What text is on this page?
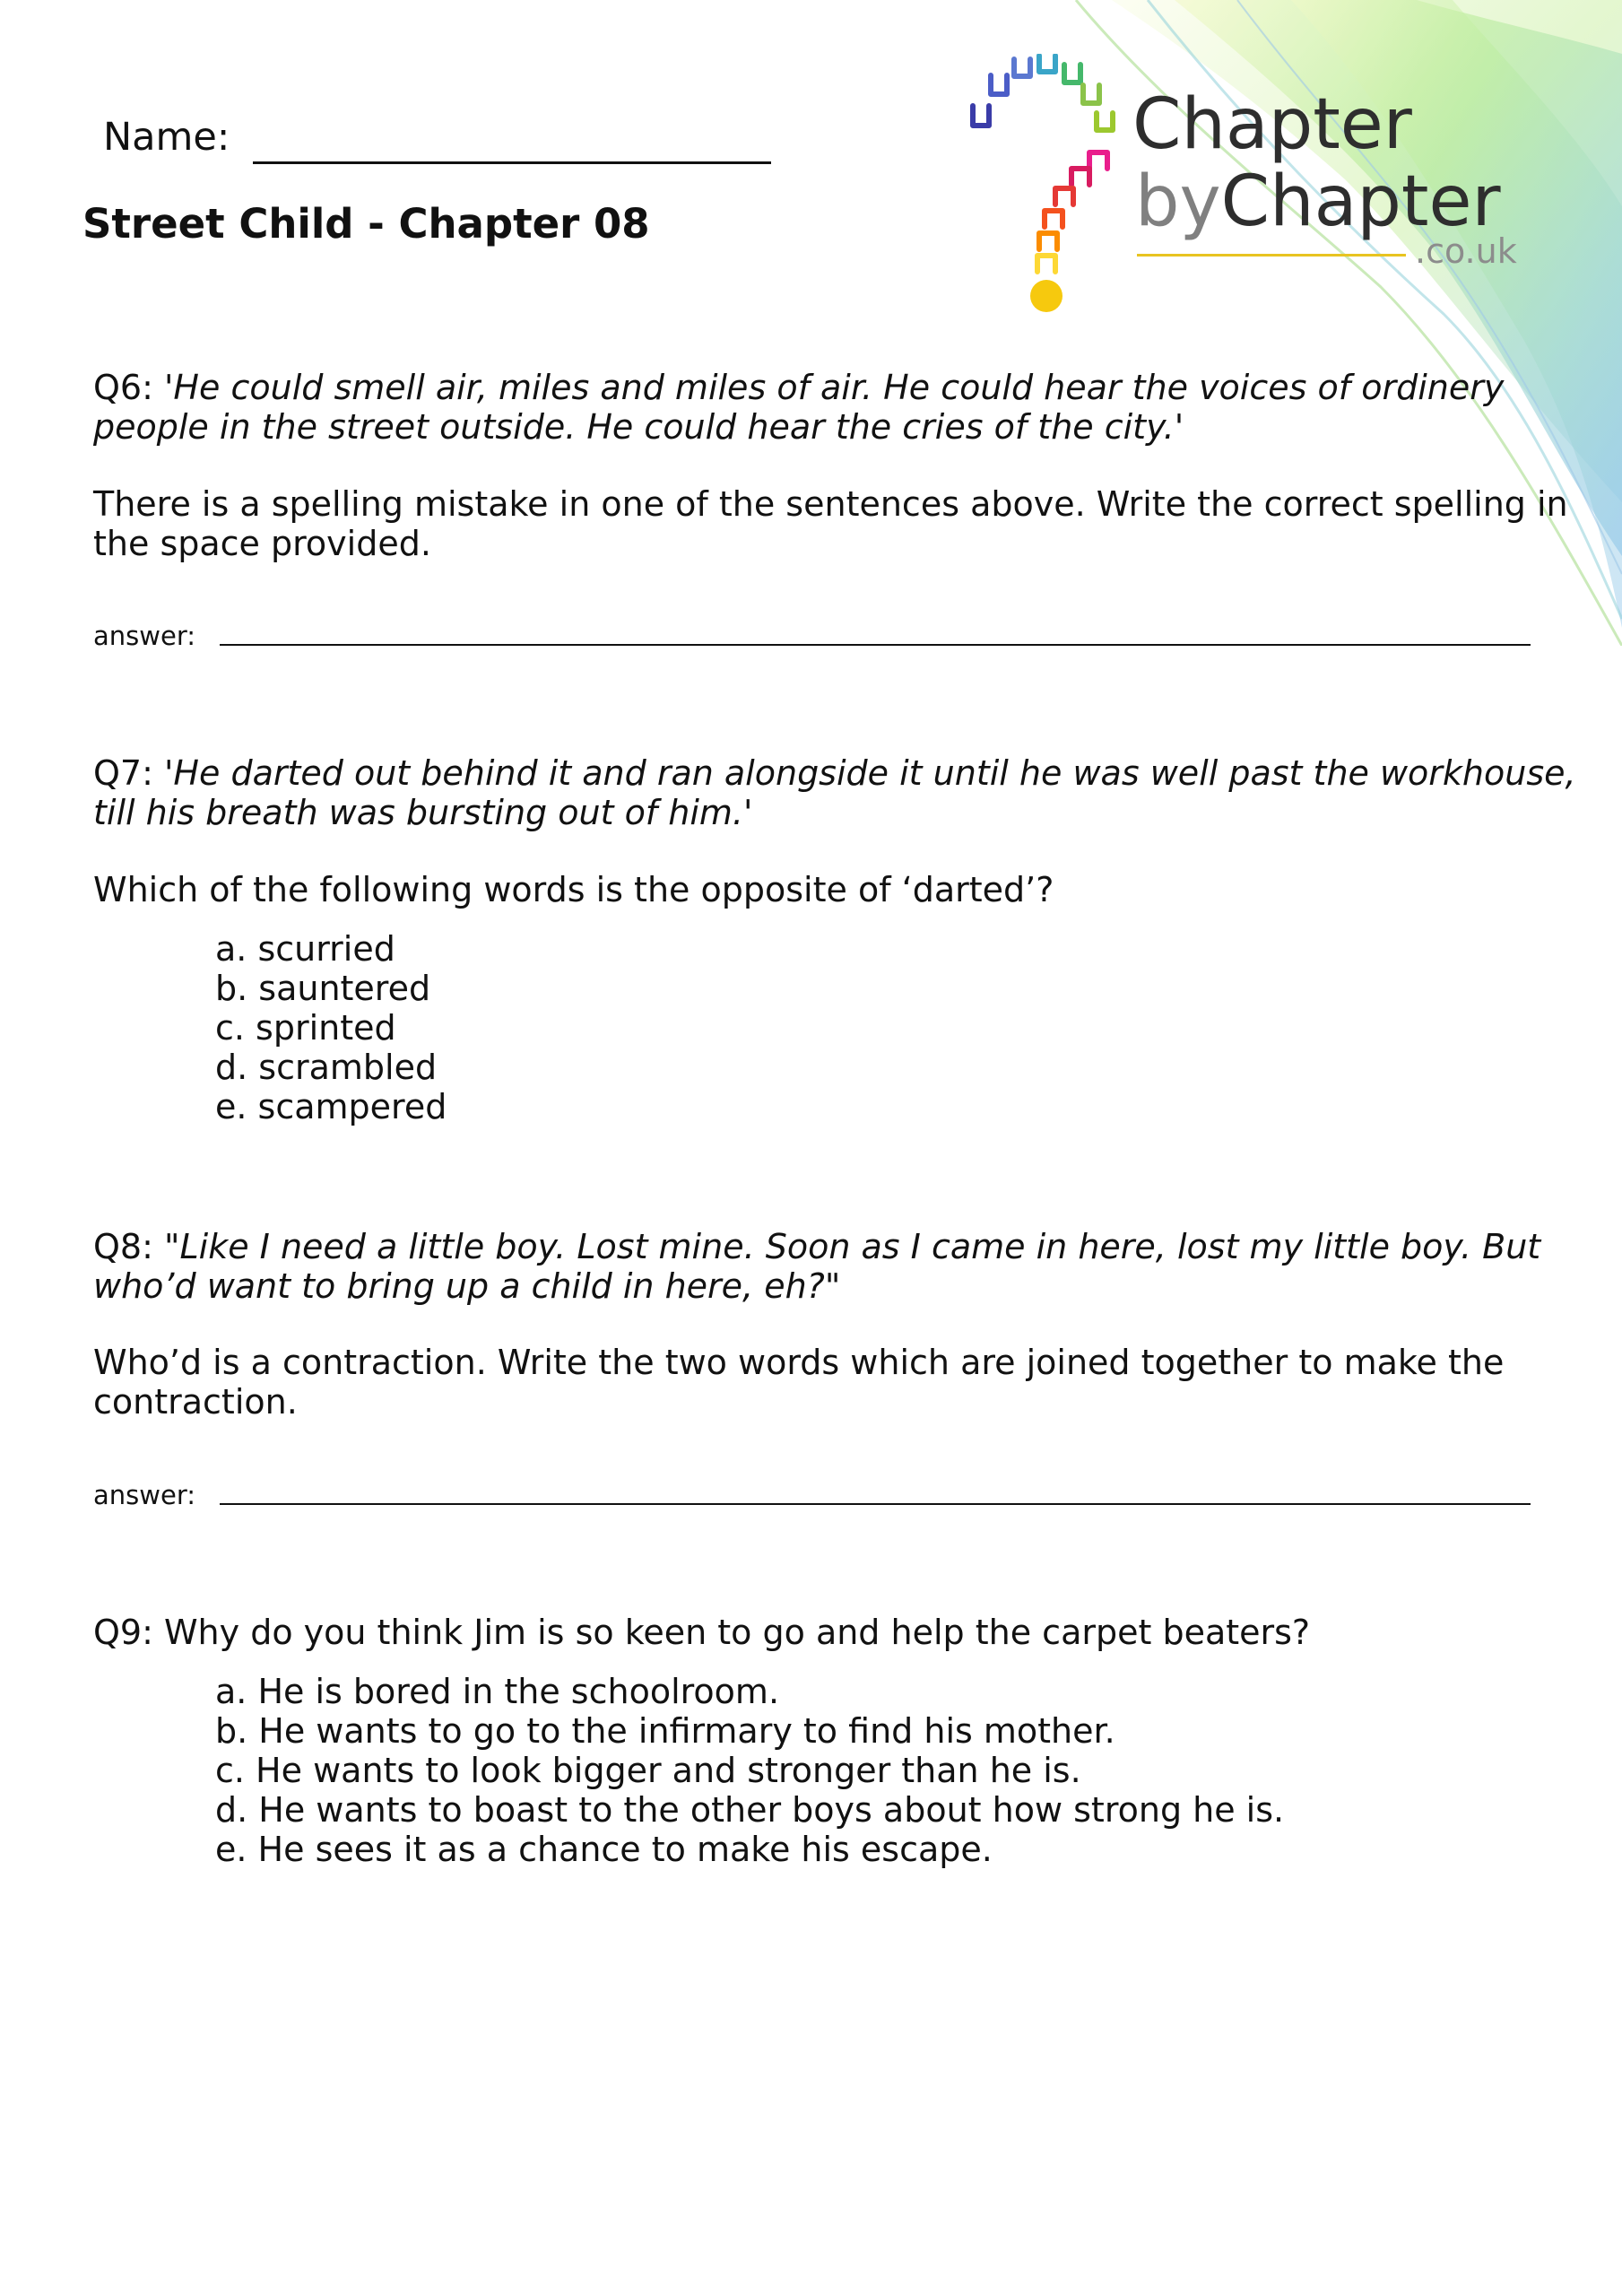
Chapter
byChapter
.co.uk
Name:
Street Child - Chapter 08
Q6: 'He could smell air, miles and miles of air. He could hear the voices of ordinery
people in the street outside. He could hear the cries of the city.'
There is a spelling mistake in one of the sentences above. Write the correct spelling in
the space provided.
answer:
Q7: 'He darted out behind it and ran alongside it until he was well past the workhouse,
till his breath was bursting out of him.'
Which of the following words is the opposite of ‘darted’?
a. scurried
b. sauntered
c. sprinted
d. scrambled
e. scampered
Q8: "Like I need a little boy. Lost mine. Soon as I came in here, lost my little boy. But
who’d want to bring up a child in here, eh?"
Who’d is a contraction. Write the two words which are joined together to make the
contraction.
answer:
Q9: Why do you think Jim is so keen to go and help the carpet beaters?
a. He is bored in the schoolroom.
b. He wants to go to the infirmary to find his mother.
c. He wants to look bigger and stronger than he is.
d. He wants to boast to the other boys about how strong he is.
e. He sees it as a chance to make his escape.
